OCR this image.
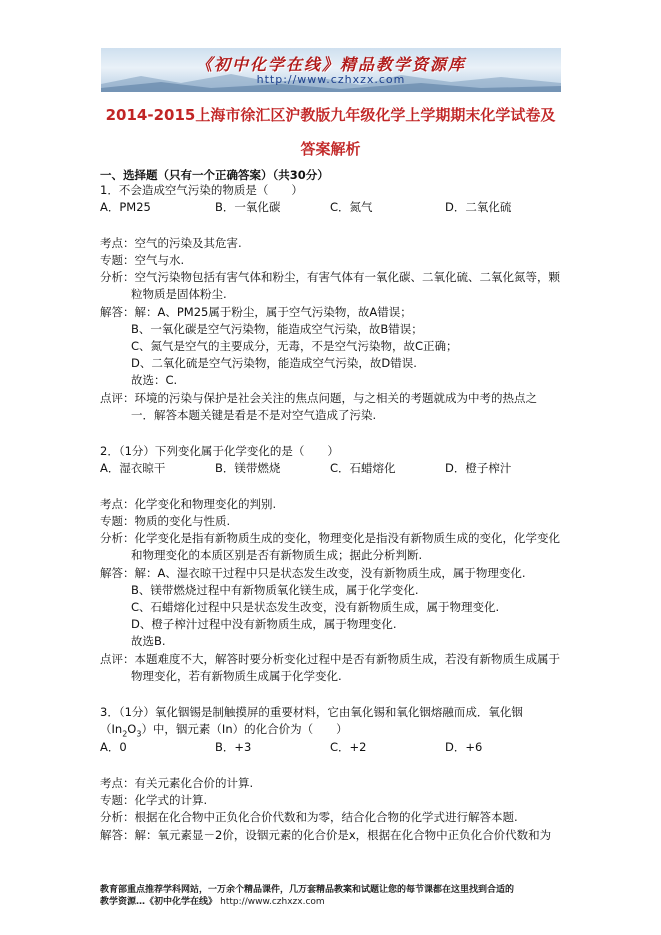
《初中化学在线》精品教学资源库
http://www.czhxzx.com
2014-2015上海市徐汇区沪教版九年级化学上学期期末化学试卷及
答案解析
一、选择题（只有一个正确答案）（共30分）
1．不会造成空气污染的物质是（　　）
A．PM25	B．一氧化碳	C．氮气	D．二氧化硫
考点：空气的污染及其危害.
专题：空气与水.
分析：空气污染物包括有害气体和粉尘，有害气体有一氧化碳、二氧化硫、二氧化氮等，颗
粒物质是固体粉尘.
解答：解：A、PM25属于粉尘，属于空气污染物，故A错误；
B、一氧化碳是空气污染物，能造成空气污染，故B错误；
C、氮气是空气的主要成分，无毒，不是空气污染物，故C正确；
D、二氧化硫是空气污染物，能造成空气污染，故D错误.
故选：C.
点评：环境的污染与保护是社会关注的焦点问题，与之相关的考题就成为中考的热点之
一．解答本题关键是看是不是对空气造成了污染.
2．（1分）下列变化属于化学变化的是（　　）
A．湿衣晾干	B．镁带燃烧	C．石蜡熔化	D．橙子榨汁
考点：化学变化和物理变化的判别.
专题：物质的变化与性质.
分析：化学变化是指有新物质生成的变化，物理变化是指没有新物质生成的变化，化学变化
和物理变化的本质区别是否有新物质生成；据此分析判断.
解答：解：A、湿衣晾干过程中只是状态发生改变，没有新物质生成，属于物理变化.
B、镁带燃烧过程中有新物质氧化镁生成，属于化学变化.
C、石蜡熔化过程中只是状态发生改变，没有新物质生成，属于物理变化.
D、橙子榨汁过程中没有新物质生成，属于物理变化.
故选B.
点评：本题难度不大，解答时要分析变化过程中是否有新物质生成，若没有新物质生成属于
物理变化，若有新物质生成属于化学变化.
3．（1分）氧化铟锡是制触摸屏的重要材料，它由氧化锡和氧化铟熔融而成．氧化铟
$(In_2O_3)$中，铟元素（In）的化合价为（　　）
A．0	B．+3	C．+2	D．+6
考点：有关元素化合价的计算.
专题：化学式的计算.
分析：根据在化合物中正负化合价代数和为零，结合化合物的化学式进行解答本题.
解答：解：氧元素显－2价，设铟元素的化合价是x，根据在化合物中正负化合价代数和为
教育部重点推荐学科网站，一万余个精品课件，几万套精品教案和试题让您的每节课都在这里找到合适的
教学资源…《初中化学在线》 http://www.czhxzx.com
